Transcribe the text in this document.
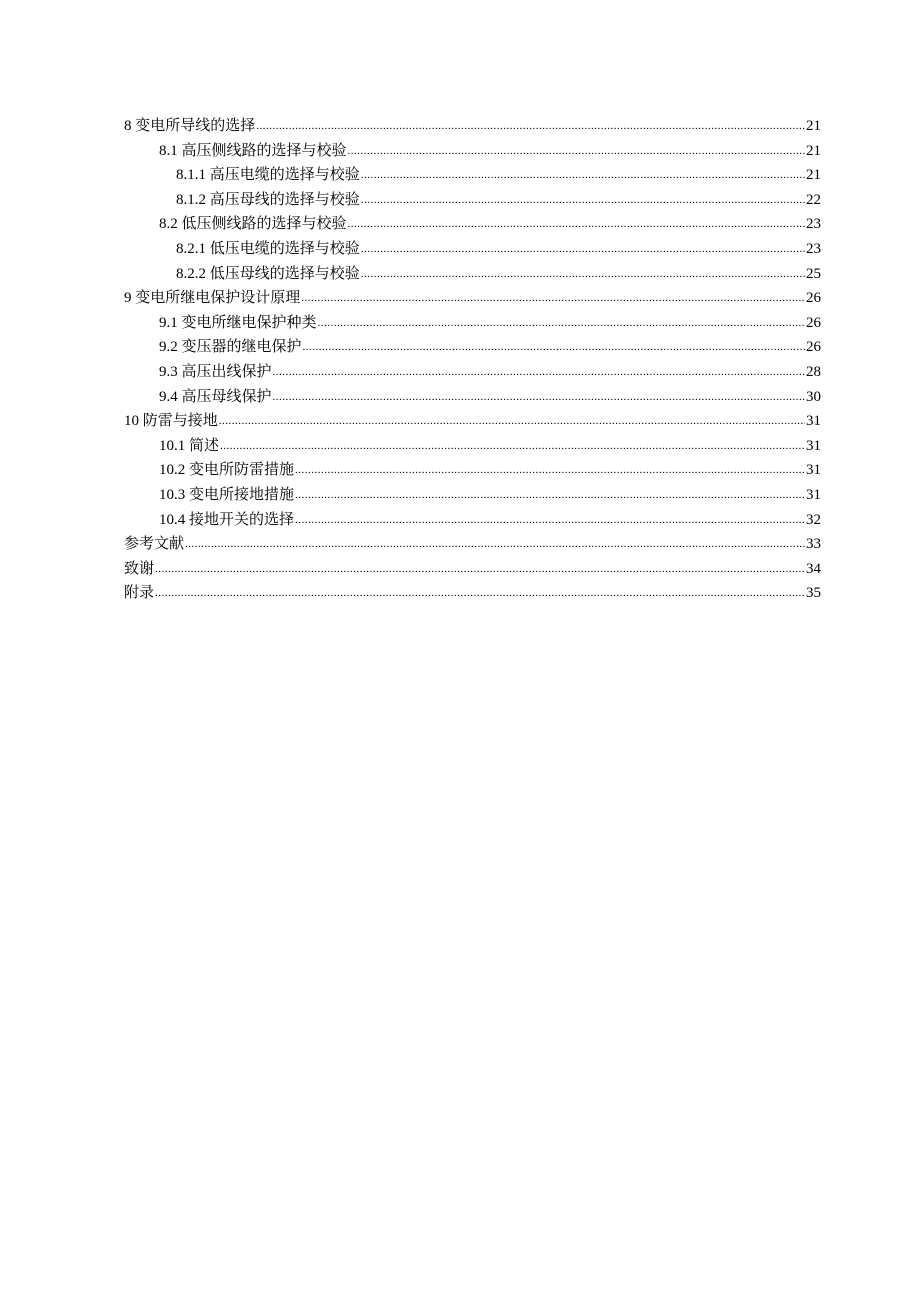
8 变电所导线的选择 .....	21
8.1 高压侧线路的选择与校验 .....	21
8.1.1 高压电缆的选择与校验 .....	21
8.1.2 高压母线的选择与校验 .....	22
8.2 低压侧线路的选择与校验 .....	23
8.2.1 低压电缆的选择与校验 .....	23
8.2.2 低压母线的选择与校验 .....	25
9 变电所继电保护设计原理 .....	26
9.1 变电所继电保护种类 .....	26
9.2 变压器的继电保护 .....	26
9.3 高压出线保护 .....	28
9.4 高压母线保护 .....	30
10 防雷与接地 .....	31
10.1 简述 .....	31
10.2 变电所防雷措施 .....	31
10.3 变电所接地措施 .....	31
10.4 接地开关的选择 .....	32
参考文献 .....	33
致谢 .....	34
附录 .....	35
